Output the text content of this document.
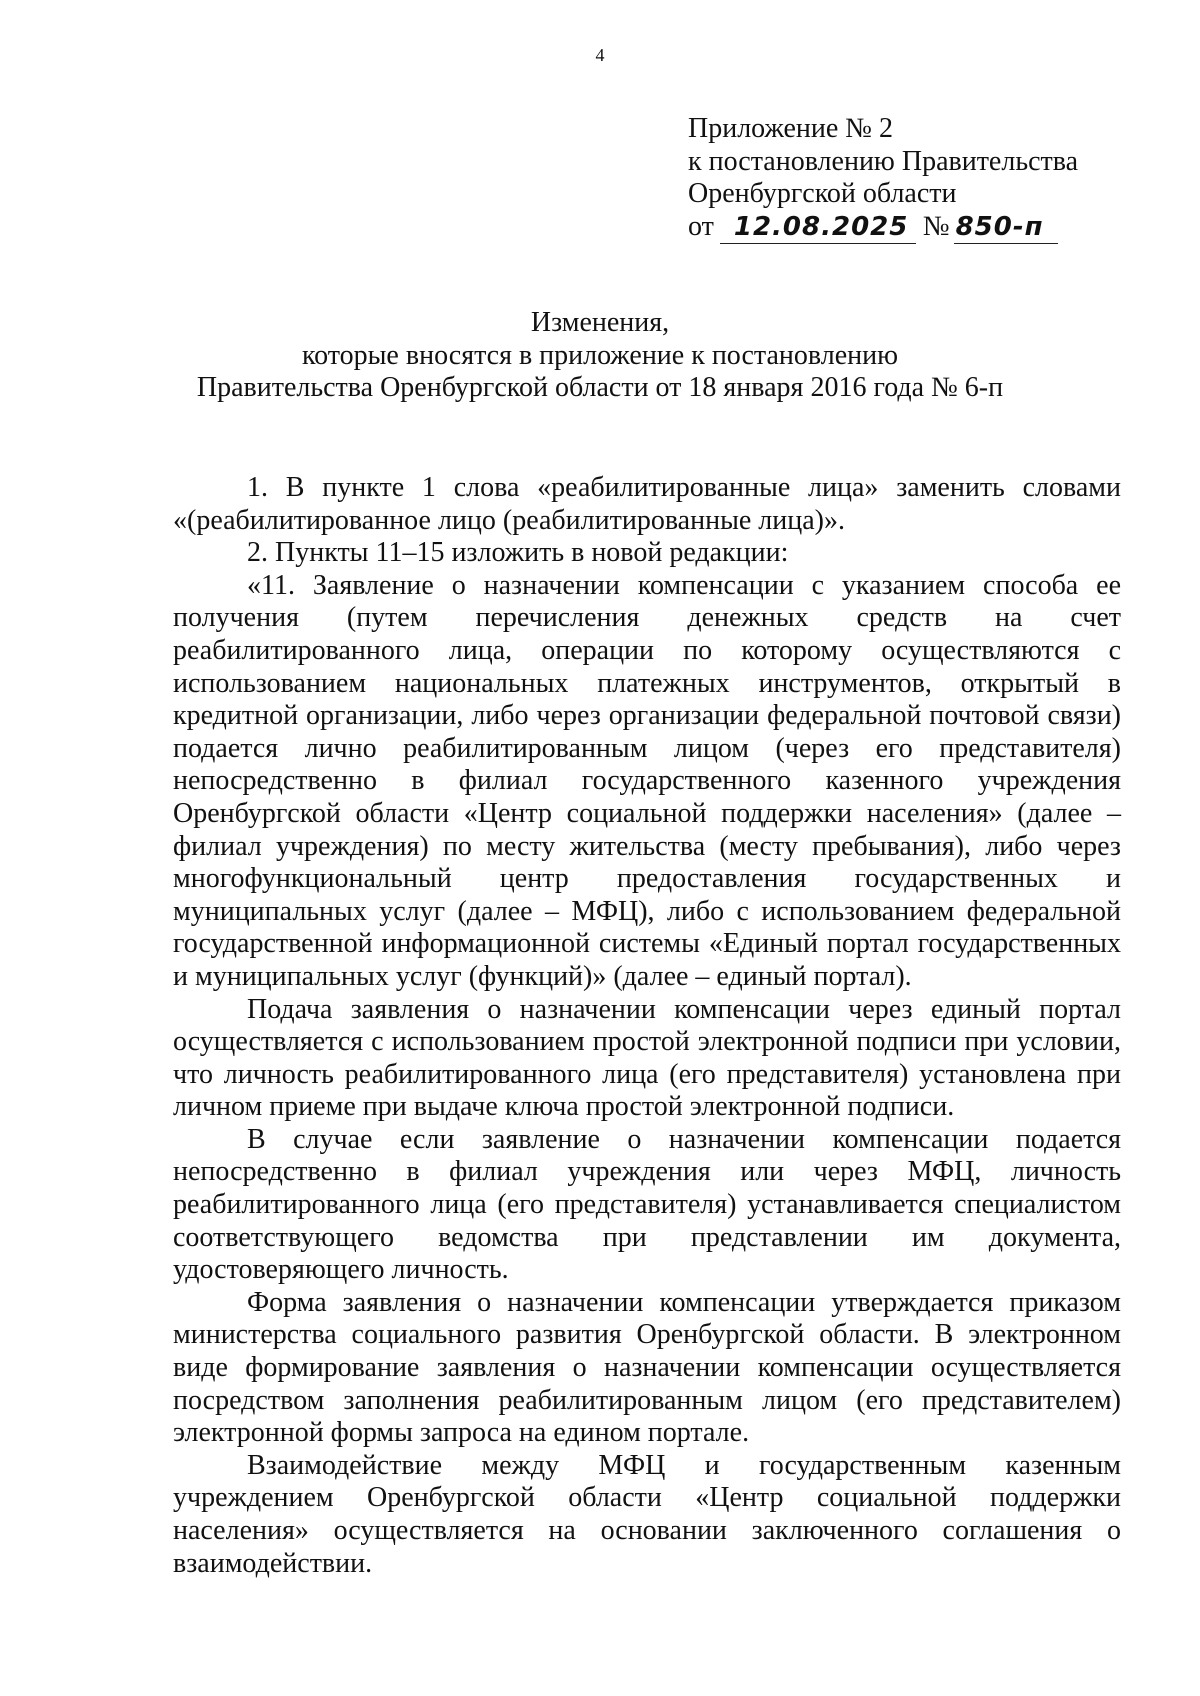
4
Приложение № 2
к постановлению Правительства
Оренбургской области
от 12.08.2025 № 850-п
Изменения,
которые вносятся в приложение к постановлению
Правительства Оренбургской области от 18 января 2016 года № 6-п

1. В пункте 1 слова «реабилитированные лица» заменить словами «(реабилитированное лицо (реабилитированные лица)».

2. Пункты 11–15 изложить в новой редакции:

«11. Заявление о назначении компенсации с указанием способа ее получения (путем перечисления денежных средств на счет реабилитированного лица, операции по которому осуществляются с использованием национальных платежных инструментов, открытый в кредитной организации, либо через организации федеральной почтовой связи) подается лично реабилитированным лицом (через его представителя) непосредственно в филиал государственного казенного учреждения Оренбургской области «Центр социальной поддержки населения» (далее – филиал учреждения) по месту жительства (месту пребывания), либо через многофункциональный центр предоставления государственных и муниципальных услуг (далее – МФЦ), либо с использованием федеральной государственной информационной системы «Единый портал государственных и муниципальных услуг (функций)» (далее – единый портал).

Подача заявления о назначении компенсации через единый портал осуществляется с использованием простой электронной подписи при условии, что личность реабилитированного лица (его представителя) установлена при личном приеме при выдаче ключа простой электронной подписи.

В случае если заявление о назначении компенсации подается непосредственно в филиал учреждения или через МФЦ, личность реабилитированного лица (его представителя) устанавливается специалистом соответствующего ведомства при представлении им документа, удостоверяющего личность.

Форма заявления о назначении компенсации утверждается приказом министерства социального развития Оренбургской области. В электронном виде формирование заявления о назначении компенсации осуществляется посредством заполнения реабилитированным лицом (его представителем) электронной формы запроса на едином портале.

Взаимодействие между МФЦ и государственным казенным учреждением Оренбургской области «Центр социальной поддержки населения» осуществляется на основании заключенного соглашения о взаимодействии.
